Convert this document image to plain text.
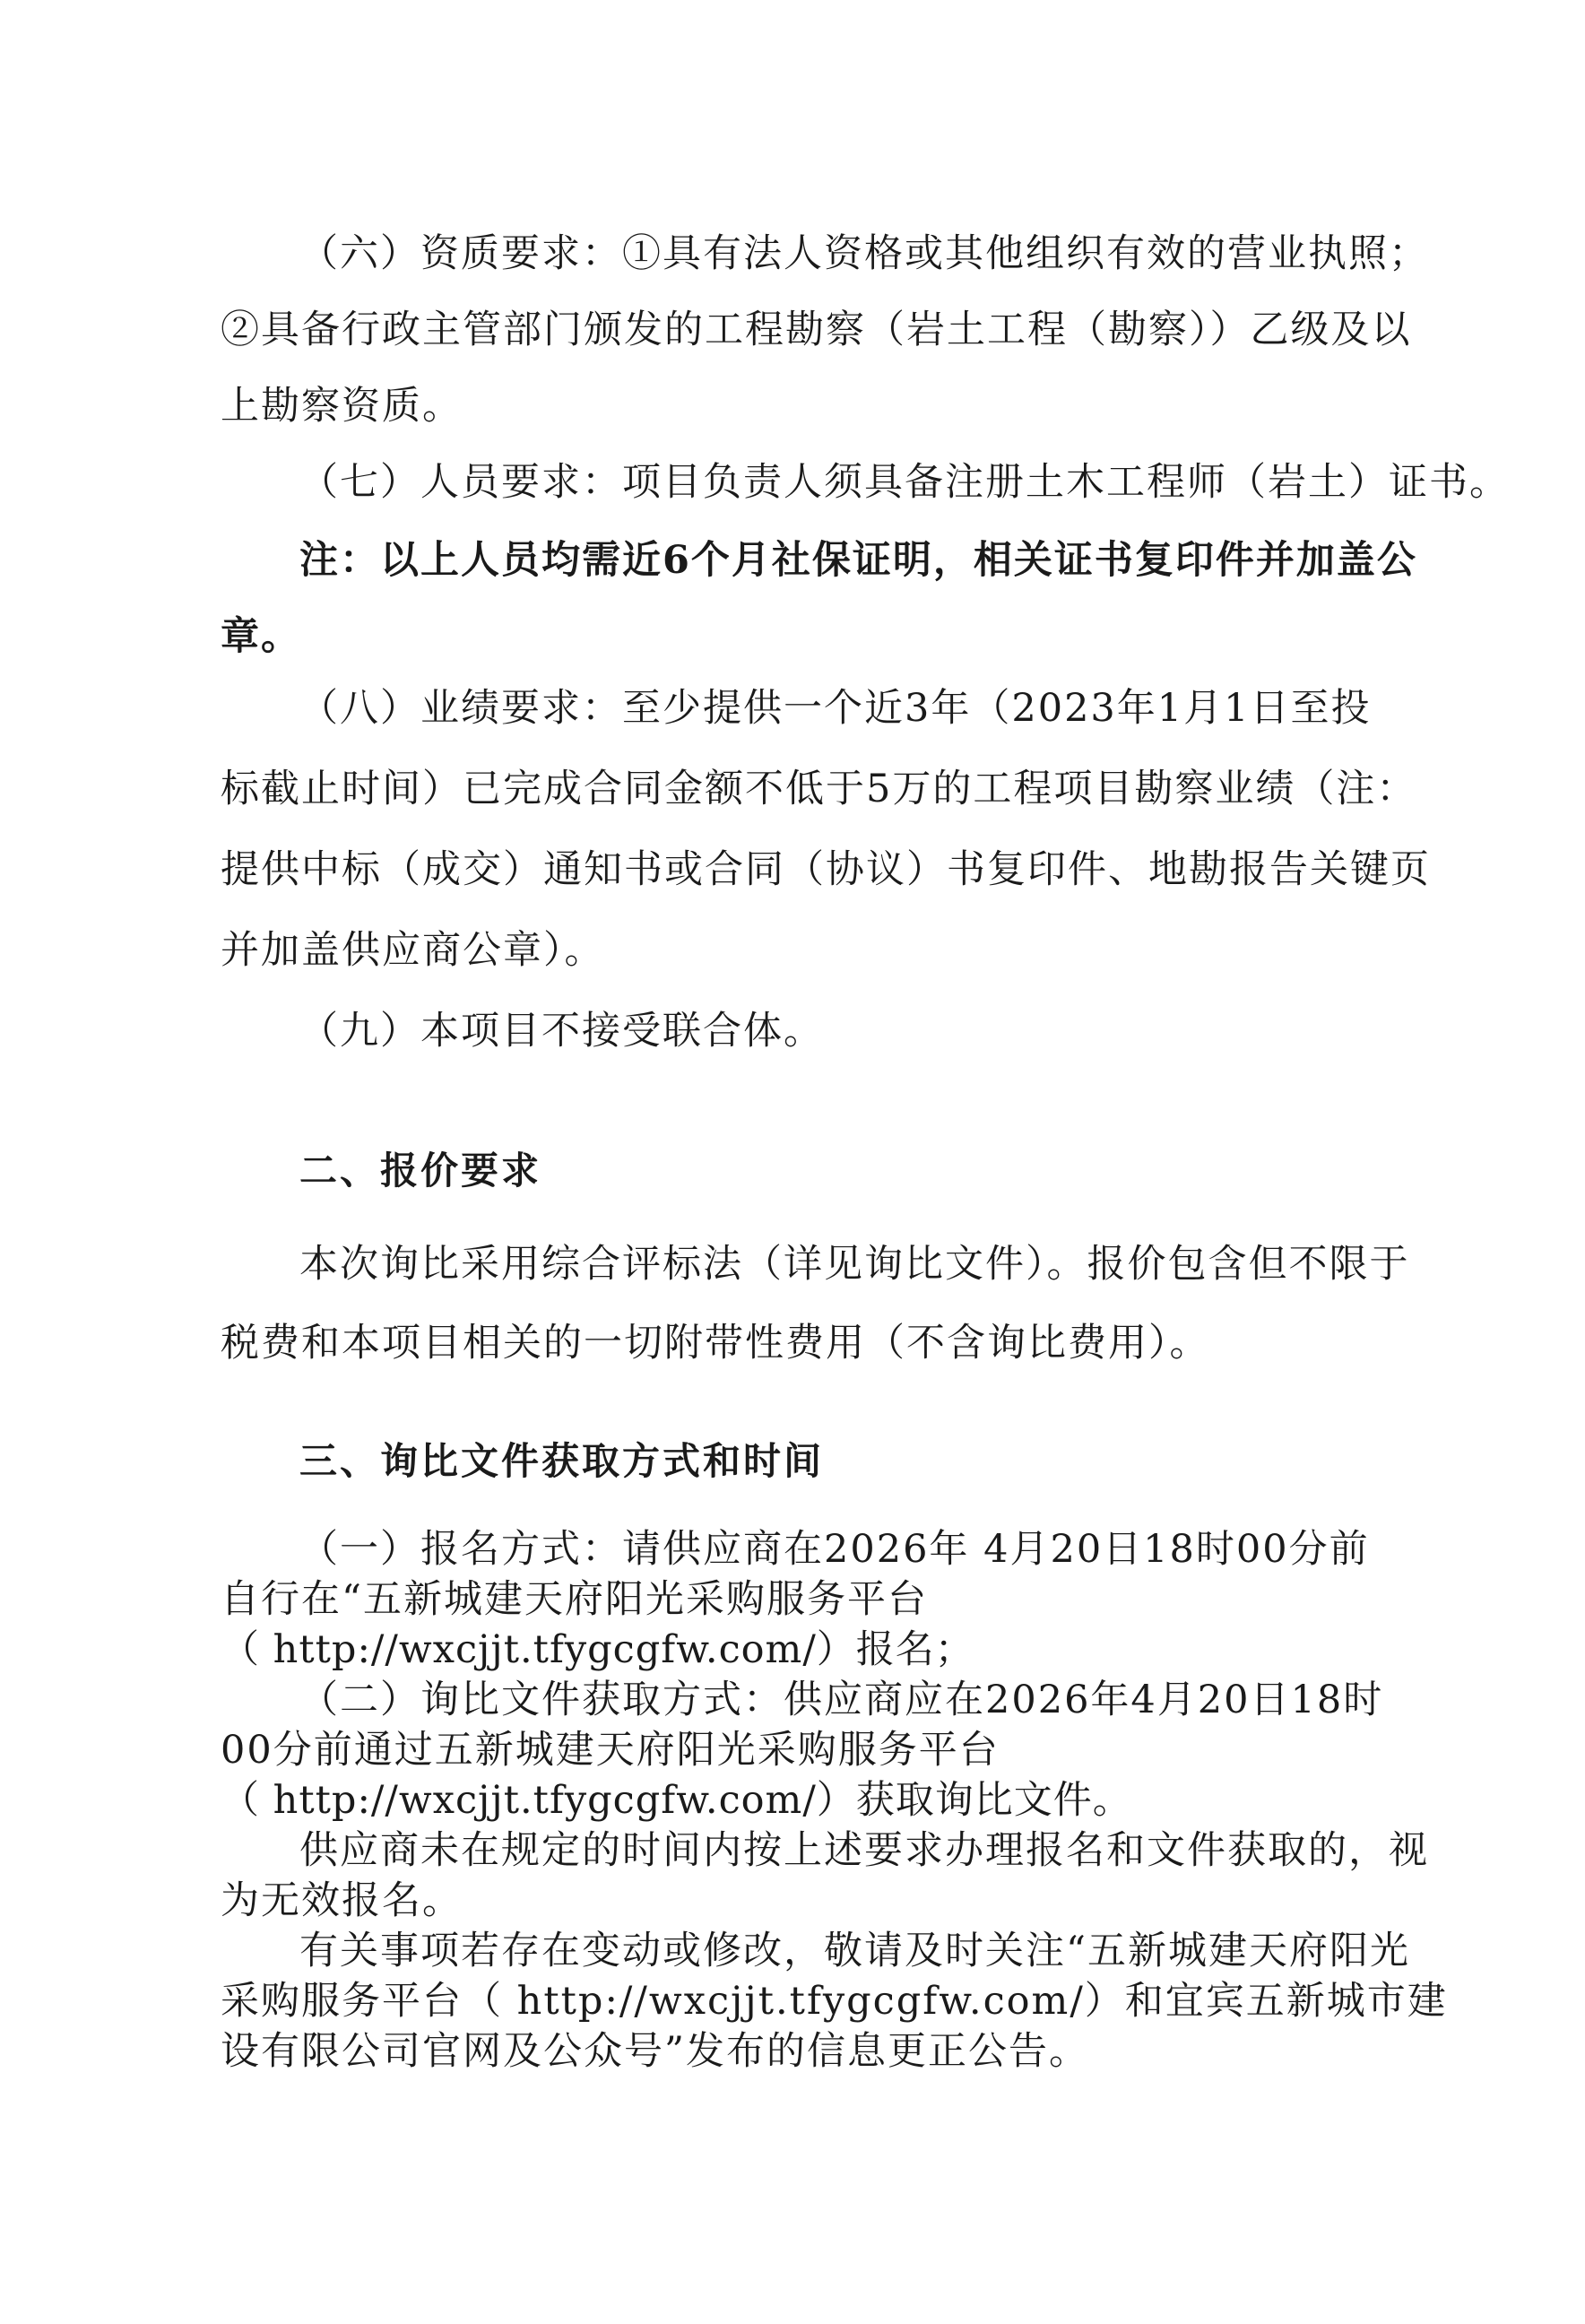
（六）资质要求：①具有法人资格或其他组织有效的营业执照；
②具备行政主管部门颁发的工程勘察（岩土工程（勘察））乙级及以
上勘察资质。
（七）人员要求：项目负责人须具备注册土木工程师（岩土）证书。
注：以上人员均需近6个月社保证明，相关证书复印件并加盖公
章。
（八）业绩要求：至少提供一个近3年（2023年1月1日至投
标截止时间）已完成合同金额不低于5万的工程项目勘察业绩（注：
提供中标（成交）通知书或合同（协议）书复印件、地勘报告关键页
并加盖供应商公章）。
（九）本项目不接受联合体。
二、报价要求
本次询比采用综合评标法（详见询比文件）。报价包含但不限于
税费和本项目相关的一切附带性费用（不含询比费用）。
三、询比文件获取方式和时间
（一）报名方式：请供应商在2026年 4月20日18时00分前
自行在“五新城建天府阳光采购服务平台
（ http://wxcjjt.tfygcgfw.com/）报名；
（二）询比文件获取方式：供应商应在2026年4月20日18时
00分前通过五新城建天府阳光采购服务平台
（ http://wxcjjt.tfygcgfw.com/）获取询比文件。
供应商未在规定的时间内按上述要求办理报名和文件获取的，视
为无效报名。
有关事项若存在变动或修改，敬请及时关注“五新城建天府阳光
采购服务平台（ http://wxcjjt.tfygcgfw.com/）和宜宾五新城市建
设有限公司官网及公众号”发布的信息更正公告。
